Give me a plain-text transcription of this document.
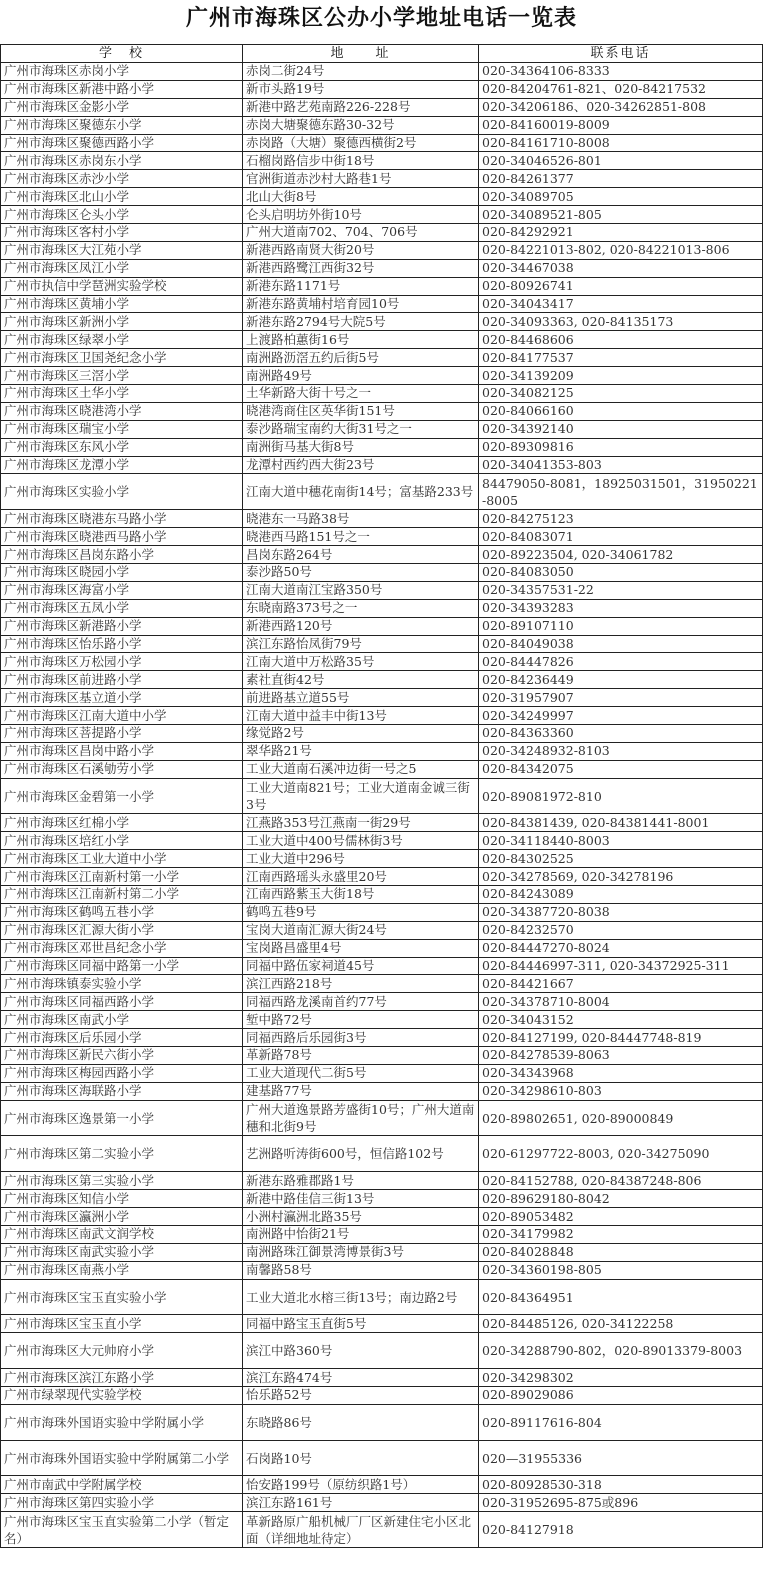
广州市海珠区公办小学地址电话一览表
学　校	地　　址	联系电话
广州市海珠区赤岗小学	赤岗二街24号	020-34364106-8333
广州市海珠区新港中路小学	新市头路19号	020-84204761-821、020-84217532
广州市海珠区金影小学	新港中路艺苑南路226-228号	020-34206186、020-34262851-808
广州市海珠区聚德东小学	赤岗大塘聚德东路30-32号	020-84160019-8009
广州市海珠区聚德西路小学	赤岗路（大塘）聚德西横街2号	020-84161710-8008
广州市海珠区赤岗东小学	石榴岗路信步中街18号	020-34046526-801
广州市海珠区赤沙小学	官洲街道赤沙村大路巷1号	020-84261377
广州市海珠区北山小学	北山大街8号	020-34089705
广州市海珠区仑头小学	仑头启明坊外街10号	020-34089521-805
广州市海珠区客村小学	广州大道南702、704、706号	020-84292921
广州市海珠区大江苑小学	新港西路南贤大街20号	020-84221013-802, 020-84221013-806
广州市海珠区凤江小学	新港西路鹭江西街32号	020-34467038
广州市执信中学琶洲实验学校	新港东路1171号	020-80926741
广州市海珠区黄埔小学	新港东路黄埔村培育园10号	020-34043417
广州市海珠区新洲小学	新港东路2794号大院5号	020-34093363, 020-84135173
广州市海珠区绿翠小学	上渡路柏蕙街16号	020-84468606
广州市海珠区卫国尧纪念小学	南洲路沥滘五约后街5号	020-84177537
广州市海珠区三滘小学	南洲路49号	020-34139209
广州市海珠区土华小学	土华新路大街十号之一	020-34082125
广州市海珠区晓港湾小学	晓港湾商住区英华街151号	020-84066160
广州市海珠区瑞宝小学	泰沙路瑞宝南约大街31号之一	020-34392140
广州市海珠区东风小学	南洲街马基大街8号	020-89309816
广州市海珠区龙潭小学	龙潭村西约西大街23号	020-34041353-803
广州市海珠区实验小学	江南大道中穗花南街14号；富基路233号	84479050-8081，18925031501，31950221-8005
广州市海珠区晓港东马路小学	晓港东一马路38号	020-84275123
广州市海珠区晓港西马路小学	晓港西马路151号之一	020-84083071
广州市海珠区昌岗东路小学	昌岗东路264号	020-89223504, 020-34061782
广州市海珠区晓园小学	泰沙路50号	020-84083050
广州市海珠区海富小学	江南大道南江宝路350号	020-34357531-22
广州市海珠区五凤小学	东晓南路373号之一	020-34393283
广州市海珠区新港路小学	新港西路120号	020-89107110
广州市海珠区怡乐路小学	滨江东路怡凤街79号	020-84049038
广州市海珠区万松园小学	江南大道中万松路35号	020-84447826
广州市海珠区前进路小学	素社直街42号	020-84236449
广州市海珠区基立道小学	前进路基立道55号	020-31957907
广州市海珠区江南大道中小学	江南大道中益丰中街13号	020-34249997
广州市海珠区菩提路小学	缘觉路2号	020-84363360
广州市海珠区昌岗中路小学	翠华路21号	020-34248932-8103
广州市海珠区石溪劬劳小学	工业大道南石溪冲边街一号之5	020-84342075
广州市海珠区金碧第一小学	工业大道南821号；工业大道南金诚三街3号	020-89081972-810
广州市海珠区红棉小学	江燕路353号江燕南一街29号	020-84381439, 020-84381441-8001
广州市海珠区培红小学	工业大道中400号儒林街3号	020-34118440-8003
广州市海珠区工业大道中小学	工业大道中296号	020-84302525
广州市海珠区江南新村第一小学	江南西路瑶头永盛里20号	020-34278569, 020-34278196
广州市海珠区江南新村第二小学	江南西路紫玉大街18号	020-84243089
广州市海珠区鹤鸣五巷小学	鹤鸣五巷9号	020-34387720-8038
广州市海珠区汇源大街小学	宝岗大道南汇源大街24号	020-84232570
广州市海珠区邓世昌纪念小学	宝岗路昌盛里4号	020-84447270-8024
广州市海珠区同福中路第一小学	同福中路伍家祠道45号	020-84446997-311, 020-34372925-311
广州市海珠镇泰实验小学	滨江西路218号	020-84421667
广州市海珠区同福西路小学	同福西路龙溪南首约77号	020-34378710-8004
广州市海珠区南武小学	堑中路72号	020-34043152
广州市海珠区后乐园小学	同福西路后乐园街3号	020-84127199, 020-84447748-819
广州市海珠区新民六街小学	革新路78号	020-84278539-8063
广州市海珠区梅园西路小学	工业大道现代二街5号	020-34343968
广州市海珠区海联路小学	建基路77号	020-34298610-803
广州市海珠区逸景第一小学	广州大道逸景路芳盛街10号；广州大道南穗和北街9号	020-89802651, 020-89000849
广州市海珠区第二实验小学	艺洲路听涛街600号，恒信路102号	020-61297722-8003, 020-34275090
广州市海珠区第三实验小学	新港东路雅郡路1号	020-84152788, 020-84387248-806
广州市海珠区知信小学	新港中路佳信三街13号	020-89629180-8042
广州市海珠区瀛洲小学	小洲村瀛洲北路35号	020-89053482
广州市海珠区南武文润学校	南洲路中怡街21号	020-34179982
广州市海珠区南武实验小学	南洲路珠江御景湾博景街3号	020-84028848
广州市海珠区南燕小学	南馨路58号	020-34360198-805
广州市海珠区宝玉直实验小学	工业大道北水榕三街13号；南边路2号	020-84364951
广州市海珠区宝玉直小学	同福中路宝玉直街5号	020-84485126, 020-34122258
广州市海珠区大元帅府小学	滨江中路360号	020-34288790-802，020-89013379-8003
广州市海珠区滨江东路小学	滨江东路474号	020-34298302
广州市绿翠现代实验学校	怡乐路52号	020-89029086
广州市海珠外国语实验中学附属小学	东晓路86号	020-89117616-804
广州市海珠外国语实验中学附属第二小学	石岗路10号	020—31955336
广州市南武中学附属学校	怡安路199号（原纺织路1号）	020-80928530-318
广州市海珠区第四实验小学	滨江东路161号	020-31952695-875或896
广州市海珠区宝玉直实验第二小学（暂定名）	革新路原广船机械厂厂区新建住宅小区北面（详细地址待定）	020-84127918
